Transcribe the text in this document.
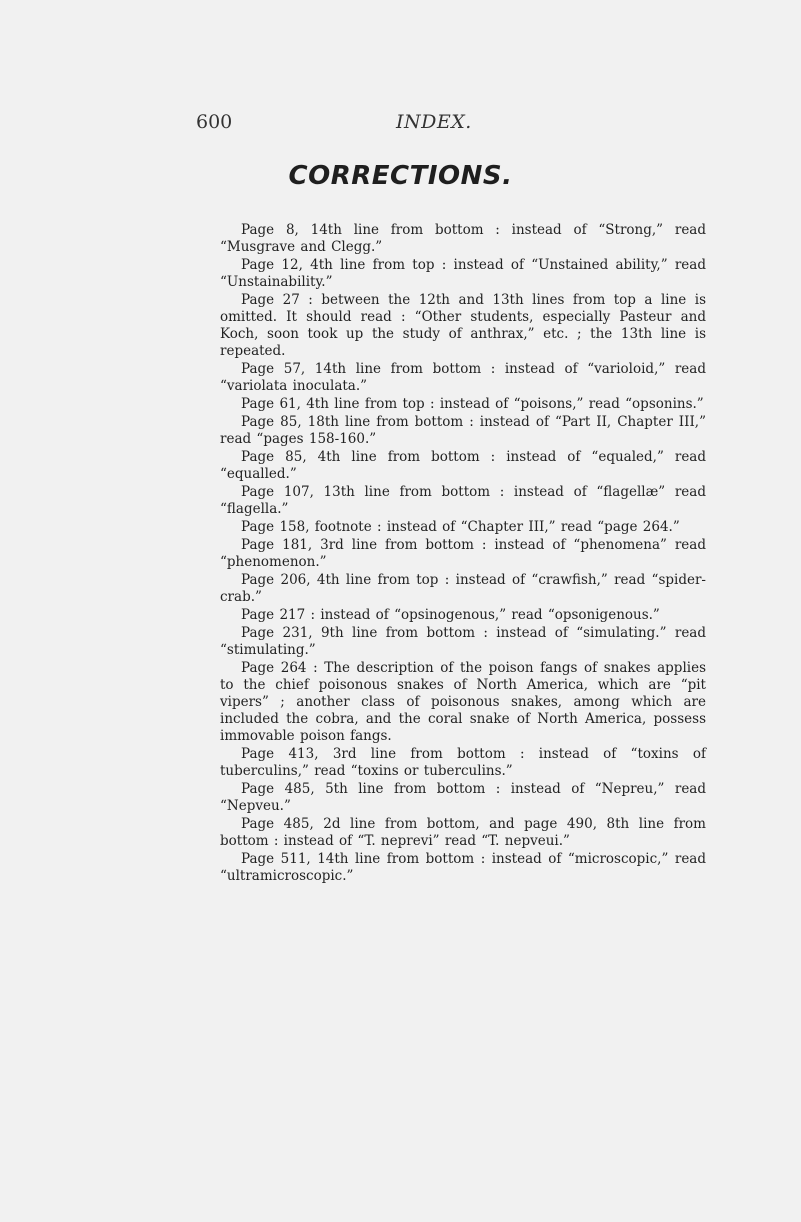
600	INDEX.
CORRECTIONS.

Page 8, 14th line from bottom : instead of “Strong,” read “Musgrave and Clegg.”

Page 12, 4th line from top : instead of “Unstained ability,” read “Unstainability.”

Page 27 : between the 12th and 13th lines from top a line is omitted. It should read : “Other students, especially Pasteur and Koch, soon took up the study of anthrax,” etc. ; the 13th line is repeated.

Page 57, 14th line from bottom : instead of “varioloid,” read “variolata inoculata.”

Page 61, 4th line from top : instead of “poisons,” read “opsonins.”

Page 85, 18th line from bottom : instead of “Part II, Chapter III,” read “pages 158-160.”

Page 85, 4th line from bottom : instead of “equaled,” read “equalled.”

Page 107, 13th line from bottom : instead of “flagellæ” read “flagella.”

Page 158, footnote : instead of “Chapter III,” read “page 264.”

Page 181, 3rd line from bottom : instead of “phenomena” read “phenomenon.”

Page 206, 4th line from top : instead of “crawfish,” read “spider-crab.”

Page 217 : instead of “opsinogenous,” read “opsonigenous.”

Page 231, 9th line from bottom : instead of “simulating.” read “stimulating.”

Page 264 : The description of the poison fangs of snakes applies to the chief poisonous snakes of North America, which are “pit vipers” ; another class of poisonous snakes, among which are included the cobra, and the coral snake of North America, possess immovable poison fangs.

Page 413, 3rd line from bottom : instead of “toxins of tuberculins,” read “toxins or tuberculins.”

Page 485, 5th line from bottom : instead of “Nepreu,” read “Nepveu.”

Page 485, 2d line from bottom, and page 490, 8th line from bottom : instead of “T. neprevi” read “T. nepveui.”

Page 511, 14th line from bottom : instead of “microscopic,” read “ultramicroscopic.”
